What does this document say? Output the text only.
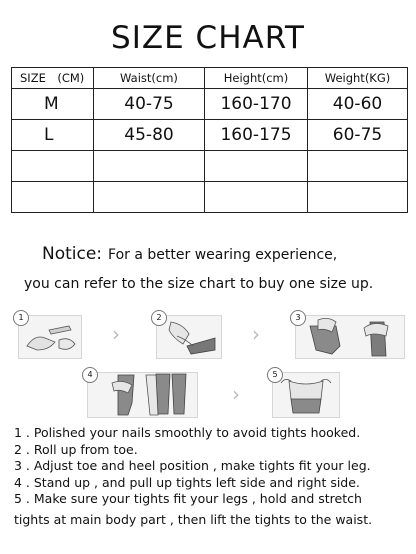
SIZE CHART
SIZE (CM)	Waist(cm)	Height(cm)	Weight(KG)
M	40-75	160-170	40-60
L	45-80	160-175	60-75

Notice: For a better wearing experience,
you can refer to the size chart to buy one size up.
1
›
2
›
3
4
›
5
1 . Polished your nails smoothly to avoid tights hooked.
2 . Roll up from toe.
3 . Adjust toe and heel position , make tights fit your leg.
4 . Stand up , and pull up tights left side and right side.
5 . Make sure your tights fit your legs , hold and stretch
tights at main body part , then lift the tights to the waist.
